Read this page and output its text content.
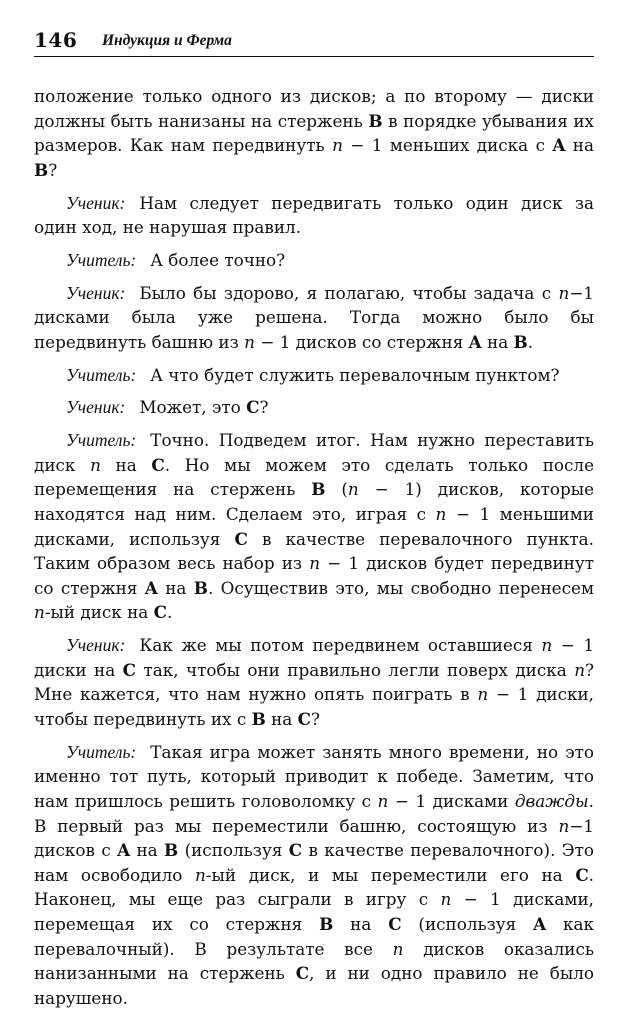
146 Индукция и Ферма

положение только одного из дисков; а по второму — диски должны быть нанизаны на стержень B в порядке убывания их размеров. Как нам передвинуть n − 1 меньших диска с A на B?

Ученик: Нам следует передвигать только один диск за один ход, не нарушая правил.

Учитель: А более точно?

Ученик: Было бы здорово, я полагаю, чтобы задача с n−1 дисками была уже решена. Тогда можно было бы передвинуть башню из n − 1 дисков со стержня A на B.

Учитель: А что будет служить перевалочным пунктом?

Ученик: Может, это C?

Учитель: Точно. Подведем итог. Нам нужно переставить диск n на C. Но мы можем это сделать только после перемещения на стержень B (n − 1) дисков, которые находятся над ним. Сделаем это, играя с n − 1 меньшими дисками, используя C в качестве перевалочного пункта. Таким образом весь набор из n − 1 дисков будет передвинут со стержня A на B. Осуществив это, мы свободно перенесем n-ый диск на C.

Ученик: Как же мы потом передвинем оставшиеся n − 1 диски на C так, чтобы они правильно легли поверх диска n? Мне кажется, что нам нужно опять поиграть в n − 1 диски, чтобы передвинуть их с B на C?

Учитель: Такая игра может занять много времени, но это именно тот путь, который приводит к победе. Заметим, что нам пришлось решить головоломку с n − 1 дисками дважды. В первый раз мы переместили башню, состоящую из n−1 дисков с A на B (используя C в качестве перевалочного). Это нам освободило n-ый диск, и мы переместили его на C. Наконец, мы еще раз сыграли в игру с n − 1 дисками, перемещая их со стержня B на C (используя A как перевалочный). В результате все n дисков оказались нанизанными на стержень C, и ни одно правило не было нарушено.
